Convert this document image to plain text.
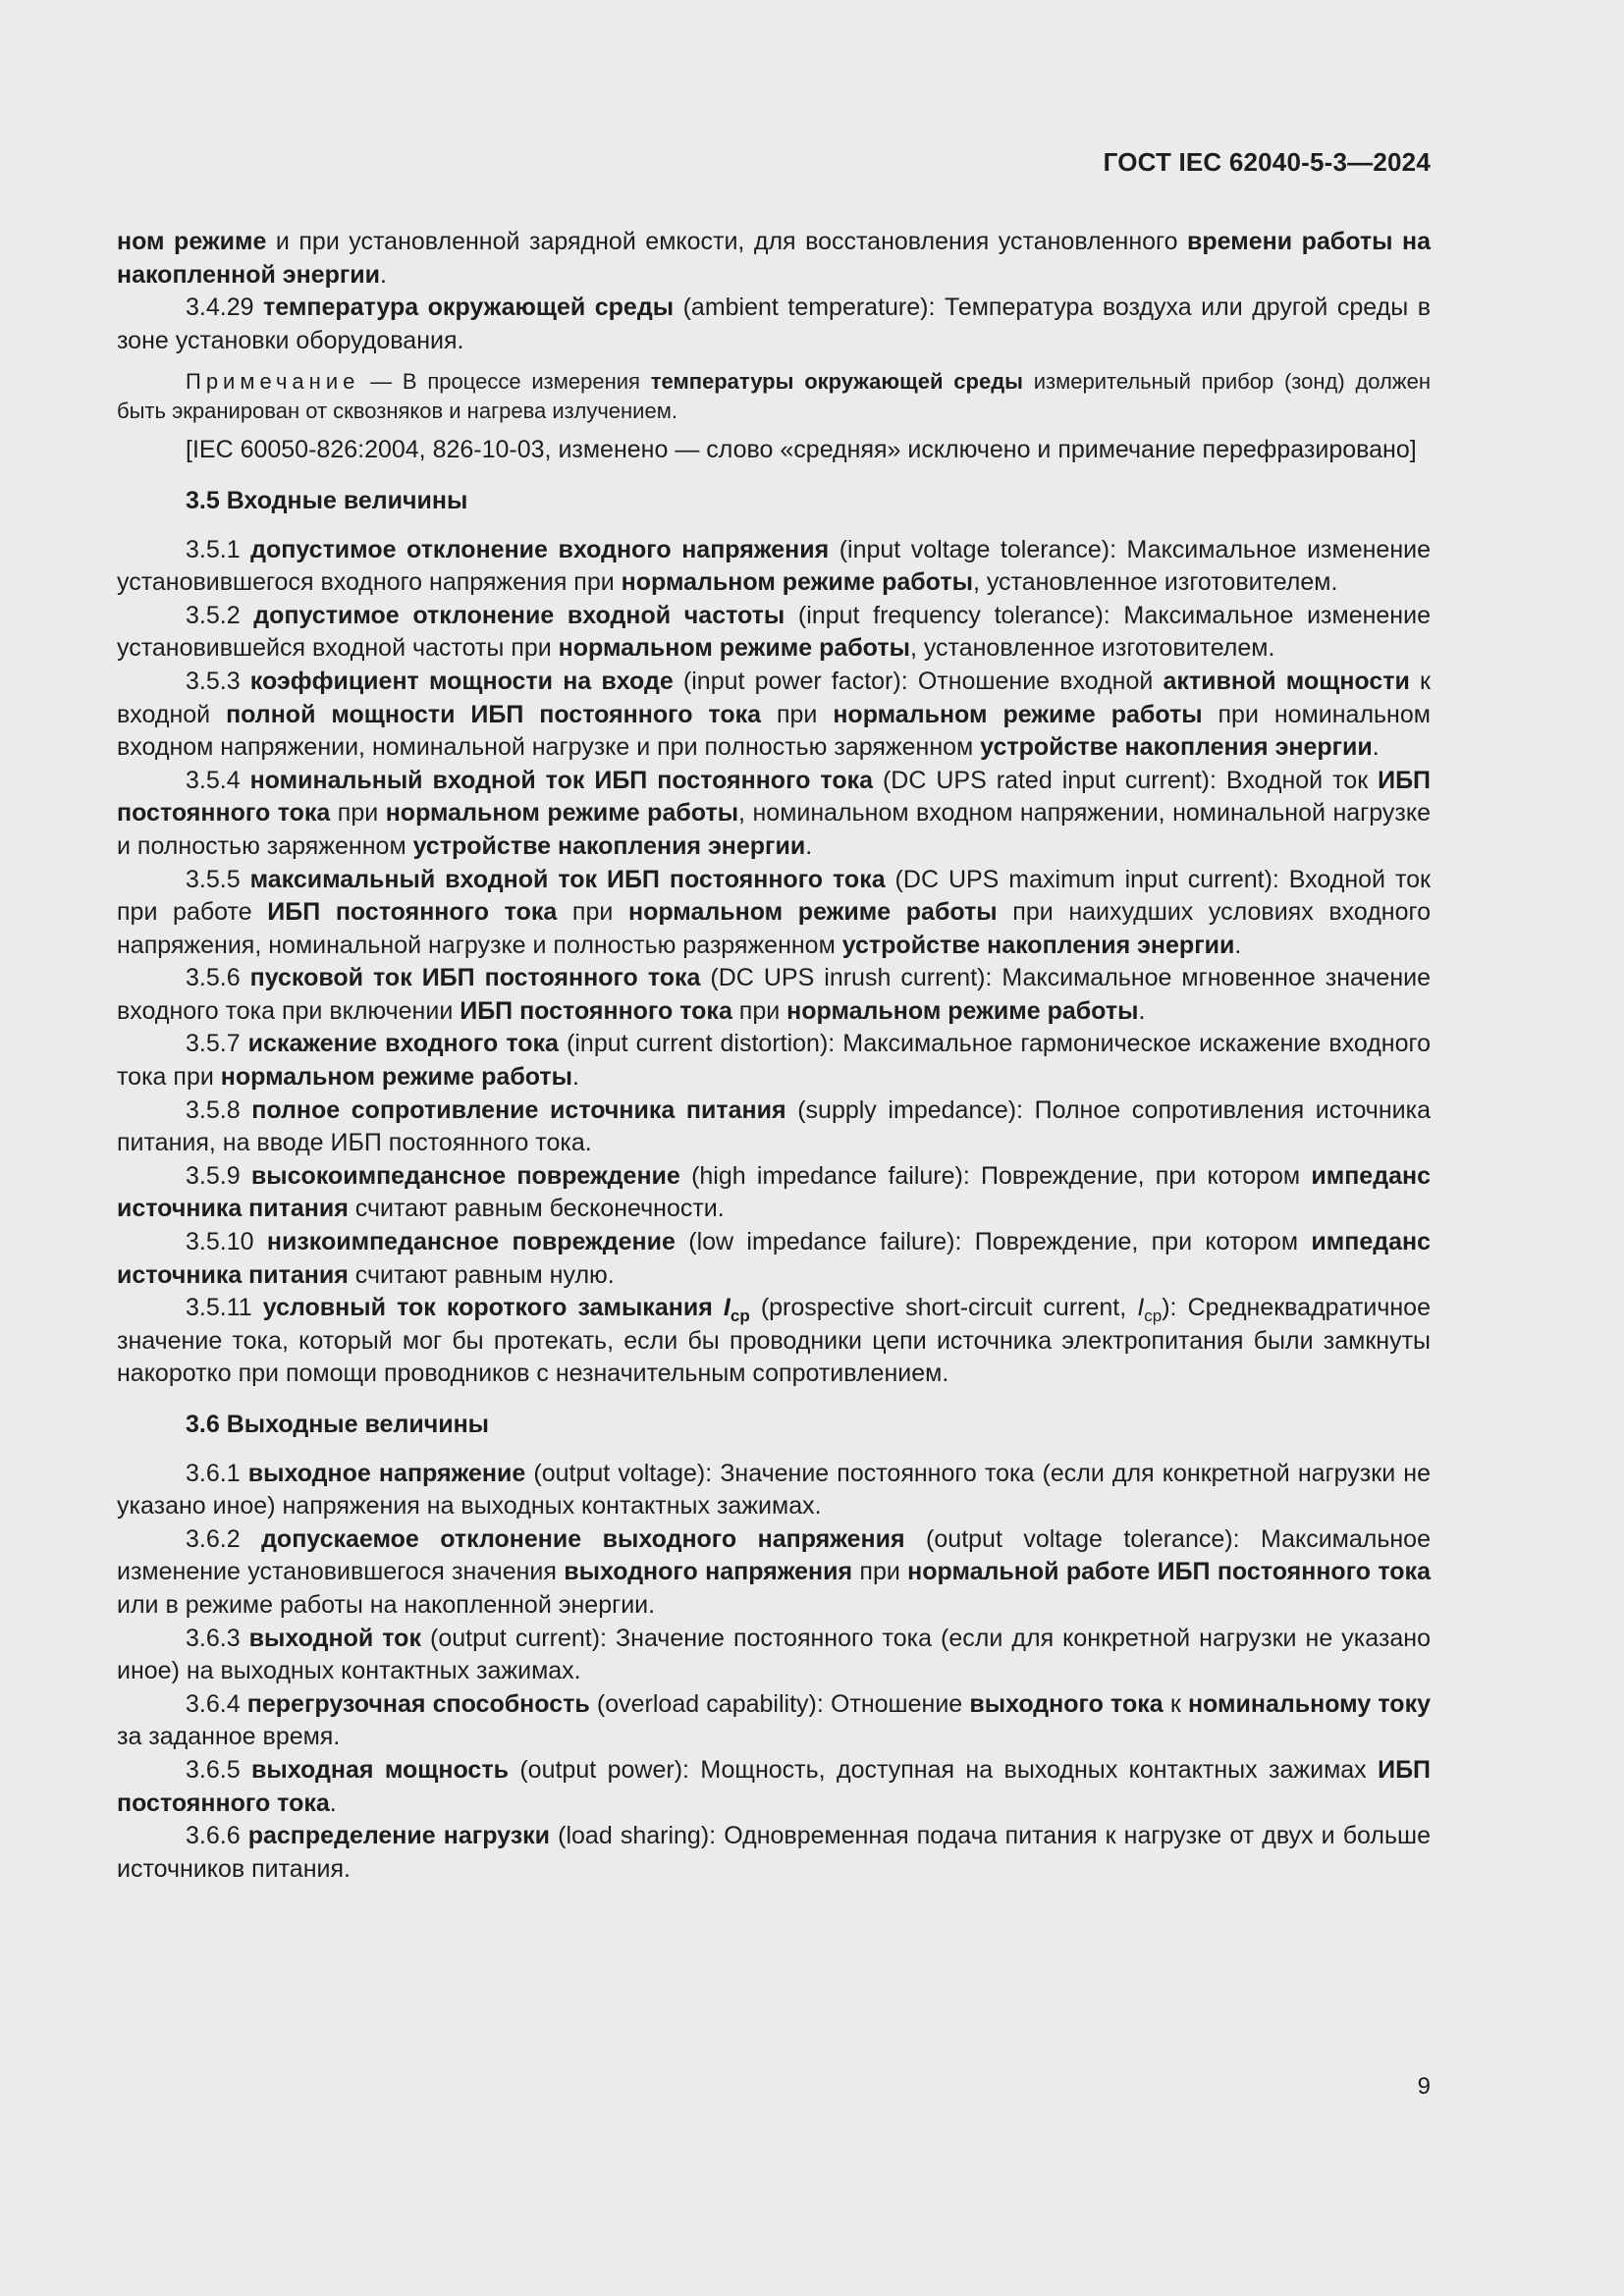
ГОСТ IEC 62040-5-3—2024

ном режиме и при установленной зарядной емкости, для восстановления установленного времени работы на накопленной энергии.

3.4.29 температура окружающей среды (ambient temperature): Температура воздуха или другой среды в зоне установки оборудования.

Примечание — В процессе измерения температуры окружающей среды измерительный прибор (зонд) должен быть экранирован от сквозняков и нагрева излучением.

[IEC 60050-826:2004, 826-10-03, изменено — слово «средняя» исключено и примечание перефразировано]

3.5 Входные величины

3.5.1 допустимое отклонение входного напряжения (input voltage tolerance): Максимальное изменение установившегося входного напряжения при нормальном режиме работы, установленное изготовителем.

3.5.2 допустимое отклонение входной частоты (input frequency tolerance): Максимальное изменение установившейся входной частоты при нормальном режиме работы, установленное изготовителем.

3.5.3 коэффициент мощности на входе (input power factor): Отношение входной активной мощности к входной полной мощности ИБП постоянного тока при нормальном режиме работы при номинальном входном напряжении, номинальной нагрузке и при полностью заряженном устройстве накопления энергии.

3.5.4 номинальный входной ток ИБП постоянного тока (DC UPS rated input current): Входной ток ИБП постоянного тока при нормальном режиме работы, номинальном входном напряжении, номинальной нагрузке и полностью заряженном устройстве накопления энергии.

3.5.5 максимальный входной ток ИБП постоянного тока (DC UPS maximum input current): Входной ток при работе ИБП постоянного тока при нормальном режиме работы при наихудших условиях входного напряжения, номинальной нагрузке и полностью разряженном устройстве накопления энергии.

3.5.6 пусковой ток ИБП постоянного тока (DC UPS inrush current): Максимальное мгновенное значение входного тока при включении ИБП постоянного тока при нормальном режиме работы.

3.5.7 искажение входного тока (input current distortion): Максимальное гармоническое искажение входного тока при нормальном режиме работы.

3.5.8 полное сопротивление источника питания (supply impedance): Полное сопротивления источника питания, на вводе ИБП постоянного тока.

3.5.9 высокоимпедансное повреждение (high impedance failure): Повреждение, при котором импеданс источника питания считают равным бесконечности.

3.5.10 низкоимпедансное повреждение (low impedance failure): Повреждение, при котором импеданс источника питания считают равным нулю.

3.5.11 условный ток короткого замыкания $I_{ср}$ (prospective short-circuit current, $I_{ср}$): Среднеквадратичное значение тока, который мог бы протекать, если бы проводники цепи источника электропитания были замкнуты накоротко при помощи проводников с незначительным сопротивлением.

3.6 Выходные величины

3.6.1 выходное напряжение (output voltage): Значение постоянного тока (если для конкретной нагрузки не указано иное) напряжения на выходных контактных зажимах.

3.6.2 допускаемое отклонение выходного напряжения (output voltage tolerance): Максимальное изменение установившегося значения выходного напряжения при нормальной работе ИБП постоянного тока или в режиме работы на накопленной энергии.

3.6.3 выходной ток (output current): Значение постоянного тока (если для конкретной нагрузки не указано иное) на выходных контактных зажимах.

3.6.4 перегрузочная способность (overload capability): Отношение выходного тока к номинальному току за заданное время.

3.6.5 выходная мощность (output power): Мощность, доступная на выходных контактных зажимах ИБП постоянного тока.

3.6.6 распределение нагрузки (load sharing): Одновременная подача питания к нагрузке от двух и больше источников питания.

9
